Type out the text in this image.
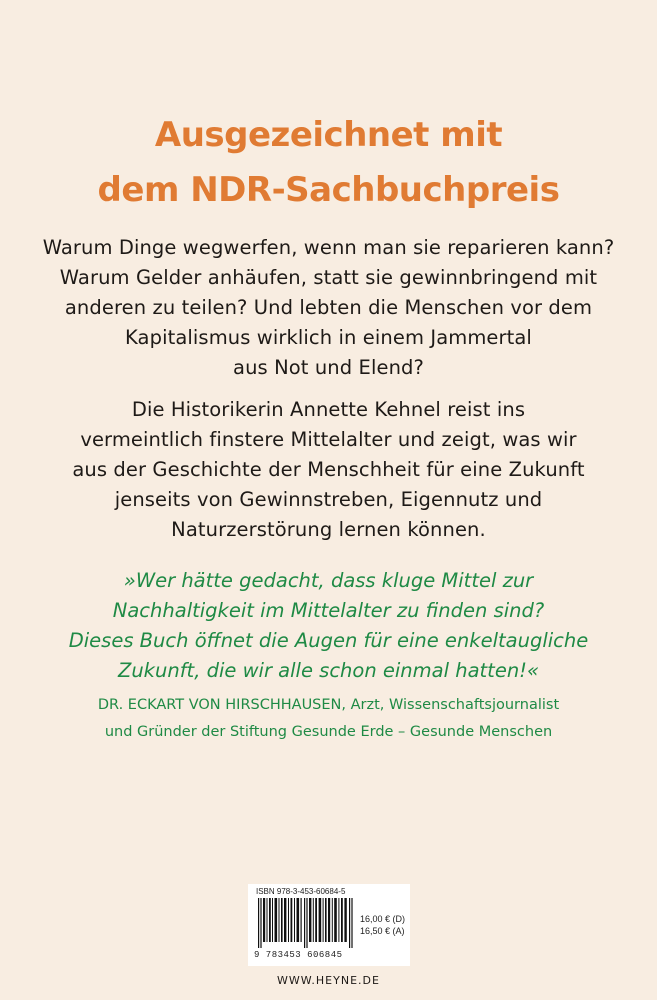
Ausgezeichnet mit
dem NDR-Sachbuchpreis
Warum Dinge wegwerfen, wenn man sie reparieren kann?
Warum Gelder anhäufen, statt sie gewinnbringend mit
anderen zu teilen? Und lebten die Menschen vor dem
Kapitalismus wirklich in einem Jammertal
aus Not und Elend?
Die Historikerin Annette Kehnel reist ins
vermeintlich finstere Mittelalter und zeigt, was wir
aus der Geschichte der Menschheit für eine Zukunft
jenseits von Gewinnstreben, Eigennutz und
Naturzerstörung lernen können.
»Wer hätte gedacht, dass kluge Mittel zur
Nachhaltigkeit im Mittelalter zu finden sind?
Dieses Buch öffnet die Augen für eine enkeltaugliche
Zukunft, die wir alle schon einmal hatten!«
DR. ECKART VON HIRSCHHAUSEN, Arzt, Wissenschaftsjournalist
und Gründer der Stiftung Gesunde Erde – Gesunde Menschen
ISBN 978-3-453-60684-5
9 783453 606845
16,00 € (D)
16,50 € (A)
WWW.HEYNE.DE
